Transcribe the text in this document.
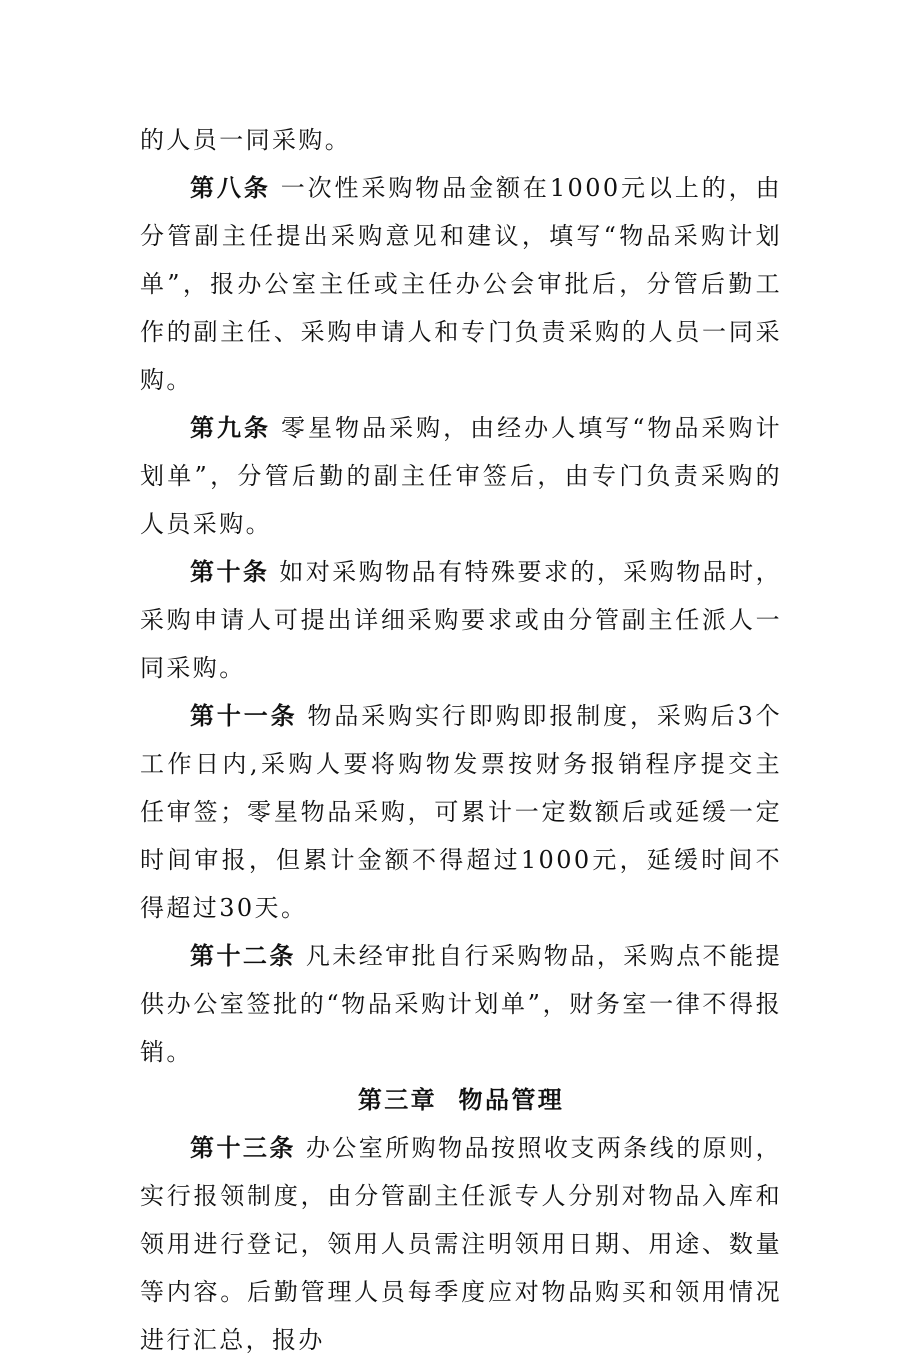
的人员一同采购。

第八条 一次性采购物品金额在1000元以上的，由分管副主任提出采购意见和建议，填写“物品采购计划单”，报办公室主任或主任办公会审批后，分管后勤工作的副主任、采购申请人和专门负责采购的人员一同采购。

第九条 零星物品采购，由经办人填写“物品采购计划单”，分管后勤的副主任审签后，由专门负责采购的人员采购。

第十条 如对采购物品有特殊要求的，采购物品时，采购申请人可提出详细采购要求或由分管副主任派人一同采购。

第十一条 物品采购实行即购即报制度，采购后3个工作日内,采购人要将购物发票按财务报销程序提交主任审签；零星物品采购，可累计一定数额后或延缓一定时间审报，但累计金额不得超过1000元，延缓时间不得超过30天。

第十二条 凡未经审批自行采购物品，采购点不能提供办公室签批的“物品采购计划单”，财务室一律不得报销。

第三章  物品管理

第十三条 办公室所购物品按照收支两条线的原则，实行报领制度，由分管副主任派专人分别对物品入库和领用进行登记，领用人员需注明领用日期、用途、数量等内容。后勤管理人员每季度应对物品购买和领用情况进行汇总，报办
